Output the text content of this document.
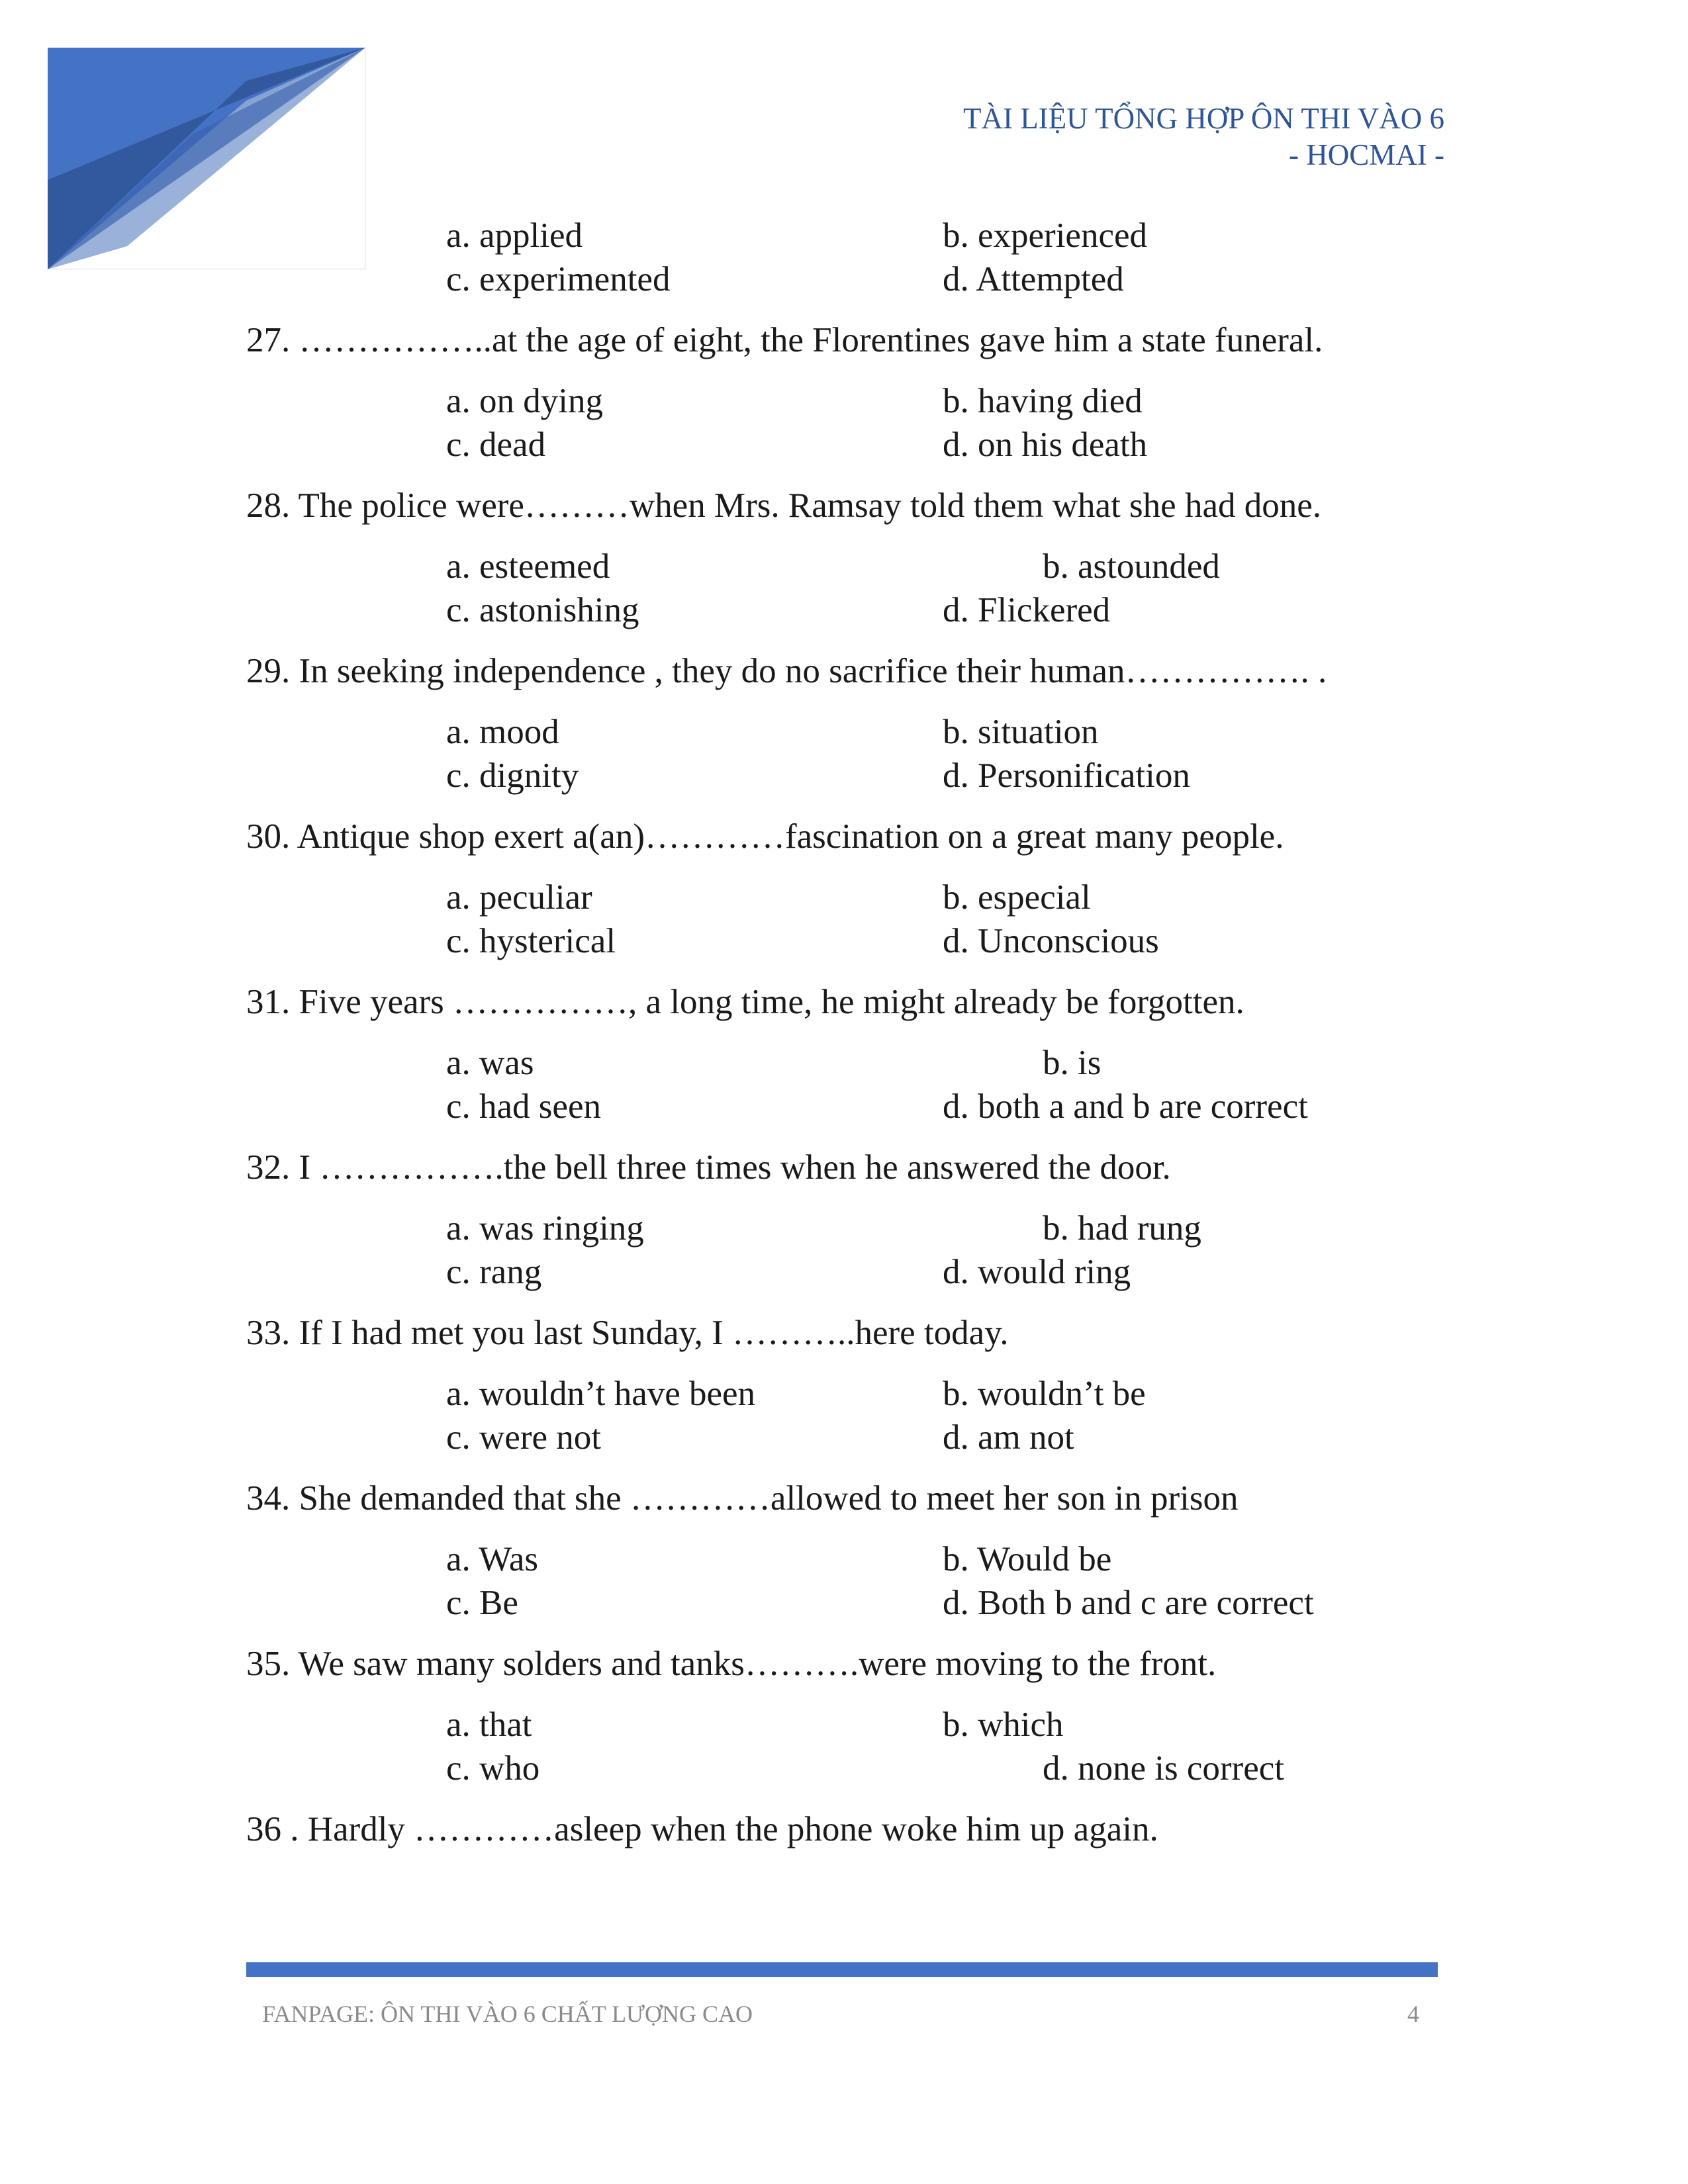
TÀI LIỆU TỔNG HỢP ÔN THI VÀO 6
- HOCMAI -
a. applied	b. experienced
c. experimented	d. Attempted
27. ……………..at the age of eight, the Florentines gave him a state funeral.
a. on dying	b. having died
c. dead	d. on his death
28. The police were………when Mrs. Ramsay told them what she had done.
a. esteemed	b. astounded
c. astonishing	d. Flickered
29. In seeking independence , they do no sacrifice their human……………. .
a. mood	b. situation
c. dignity	d. Personification
30. Antique shop exert a(an)…………fascination on a great many people.
a. peculiar	b. especial
c. hysterical	d. Unconscious
31. Five years ……………, a long time, he might already be forgotten.
a. was	b. is
c. had seen	d. both a and b are correct
32. I …………….the bell three times when he answered the door.
a. was ringing	b. had rung
c. rang	d. would ring
33. If I had met you last Sunday, I ………..here today.
a. wouldn’t have been	b. wouldn’t be
c. were not	d. am not
34. She demanded that she …………allowed to meet her son in prison
a. Was	b. Would be
c. Be	d. Both b and c are correct
35. We saw many solders and tanks……….were moving to the front.
a. that	b. which
c. who	d. none is correct
36 . Hardly …………asleep when the phone woke him up again.
FANPAGE: ÔN THI VÀO 6 CHẤT LƯỢNG CAO	4
